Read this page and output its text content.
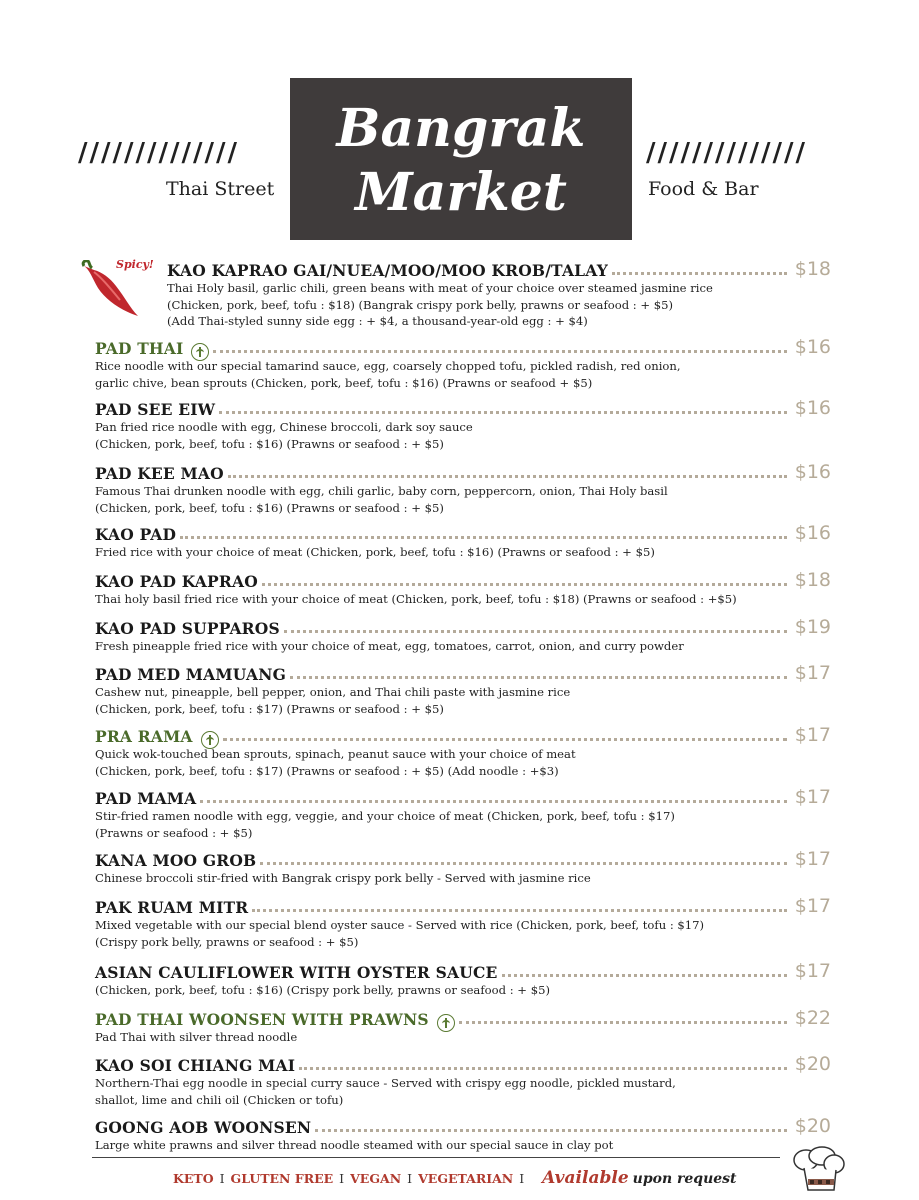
//////////////	//////////////
Thai Street	Food & Bar
Bangrak
Market
Spicy! KAO KAPRAO GAI/NUEA/MOO/MOO KROB/TALAY	$18
Thai Holy basil, garlic chili, green beans with meat of your choice over steamed jasmine rice
(Chicken, pork, beef, tofu : $18) (Bangrak crispy pork belly, prawns or seafood : + $5)
(Add Thai-styled sunny side egg : + $4, a thousand-year-old egg : + $4)
PAD THAI	$16
Rice noodle with our special tamarind sauce, egg, coarsely chopped tofu, pickled radish, red onion,
garlic chive, bean sprouts (Chicken, pork, beef, tofu : $16) (Prawns or seafood + $5)
PAD SEE EIW	$16
Pan fried rice noodle with egg, Chinese broccoli, dark soy sauce
(Chicken, pork, beef, tofu : $16) (Prawns or seafood : + $5)
PAD KEE MAO	$16
Famous Thai drunken noodle with egg, chili garlic, baby corn, peppercorn, onion, Thai Holy basil
(Chicken, pork, beef, tofu : $16) (Prawns or seafood : + $5)
KAO PAD	$16
Fried rice with your choice of meat (Chicken, pork, beef, tofu : $16) (Prawns or seafood : + $5)
KAO PAD KAPRAO	$18
Thai holy basil fried rice with your choice of meat (Chicken, pork, beef, tofu : $18) (Prawns or seafood : +$5)
KAO PAD SUPPAROS	$19
Fresh pineapple fried rice with your choice of meat, egg, tomatoes, carrot, onion, and curry powder
PAD MED MAMUANG	$17
Cashew nut, pineapple, bell pepper, onion, and Thai chili paste with jasmine rice
(Chicken, pork, beef, tofu : $17) (Prawns or seafood : + $5)
PRA RAMA	$17
Quick wok-touched bean sprouts, spinach, peanut sauce with your choice of meat
(Chicken, pork, beef, tofu : $17) (Prawns or seafood : + $5) (Add noodle : +$3)
PAD MAMA	$17
Stir-fried ramen noodle with egg, veggie, and your choice of meat (Chicken, pork, beef, tofu : $17)
(Prawns or seafood : + $5)
KANA MOO GROB	$17
Chinese broccoli stir-fried with Bangrak crispy pork belly - Served with jasmine rice
PAK RUAM MITR	$17
Mixed vegetable with our special blend oyster sauce - Served with rice (Chicken, pork, beef, tofu : $17)
(Crispy pork belly, prawns or seafood : + $5)
ASIAN CAULIFLOWER WITH OYSTER SAUCE	$17
(Chicken, pork, beef, tofu : $16) (Crispy pork belly, prawns or seafood : + $5)
PAD THAI WOONSEN WITH PRAWNS	$22
Pad Thai with silver thread noodle
KAO SOI CHIANG MAI	$20
Northern-Thai egg noodle in special curry sauce - Served with crispy egg noodle, pickled mustard,
shallot, lime and chili oil (Chicken or tofu)
GOONG AOB WOONSEN	$20
Large white prawns and silver thread noodle steamed with our special sauce in clay pot
KETO I GLUTEN FREE I VEGAN I VEGETARIAN I Available upon request
